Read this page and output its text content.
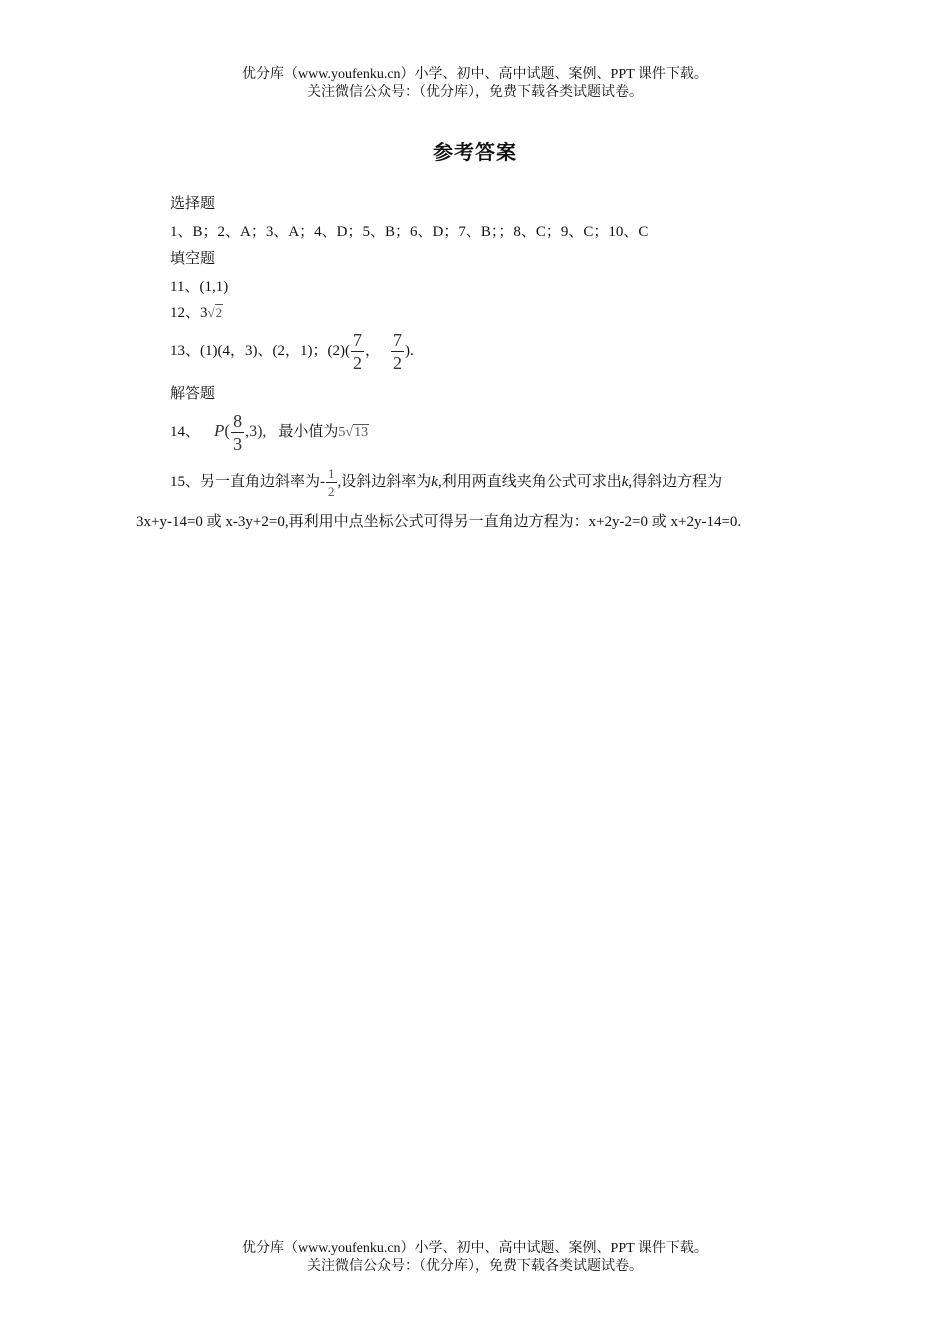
优分库（www.youfenku.cn）小学、初中、高中试题、案例、PPT 课件下载。
关注微信公众号：（优分库），免费下载各类试题试卷。
参考答案
选择题
1、B；2、A；3、A；4、D；5、B；6、D；7、B；；8、C；9、C；10、C
填空题
11、(1,1)
12、3√2
13、(1)(4，3)、(2，1)；$(2)( \frac{7}{2}$ ， $\frac{7}{2}$ ).
解答题
14、 $P( \frac{8}{3} ,3)$, 最小值为5√13
15、另一直角边斜率为- $\frac{1}{2}$ ,设斜边斜率为k,利用两直线夹角公式可求出k,得斜边方程为
3x+y-14=0 或 x-3y+2=0,再利用中点坐标公式可得另一直角边方程为：x+2y-2=0 或 x+2y-14=0.
优分库（www.youfenku.cn）小学、初中、高中试题、案例、PPT 课件下载。
关注微信公众号：（优分库），免费下载各类试题试卷。
